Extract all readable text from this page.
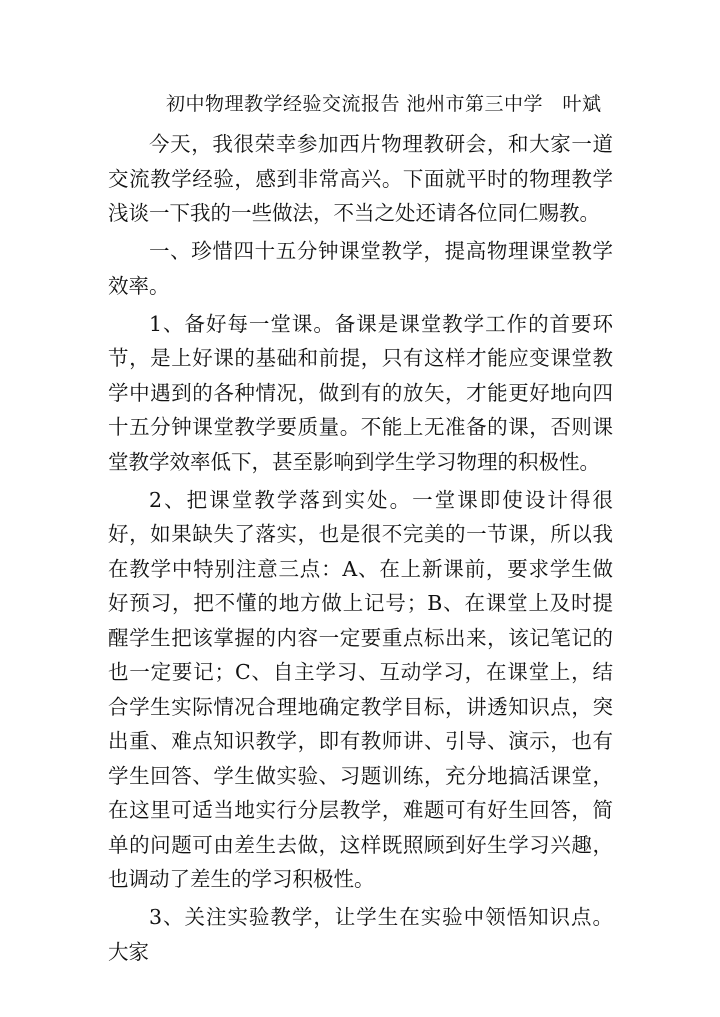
初中物理教学经验交流报告 池州市第三中学　叶斌

今天，我很荣幸参加西片物理教研会，和大家一道交流教学经验，感到非常高兴。下面就平时的物理教学浅谈一下我的一些做法，不当之处还请各位同仁赐教。

一、珍惜四十五分钟课堂教学，提高物理课堂教学效率。

1、备好每一堂课。备课是课堂教学工作的首要环节，是上好课的基础和前提，只有这样才能应变课堂教学中遇到的各种情况，做到有的放矢，才能更好地向四十五分钟课堂教学要质量。不能上无准备的课，否则课堂教学效率低下，甚至影响到学生学习物理的积极性。

2、把课堂教学落到实处。一堂课即使设计得很好，如果缺失了落实，也是很不完美的一节课，所以我在教学中特别注意三点：A、在上新课前，要求学生做好预习，把不懂的地方做上记号；B、在课堂上及时提醒学生把该掌握的内容一定要重点标出来，该记笔记的也一定要记；C、自主学习、互动学习，在课堂上，结合学生实际情况合理地确定教学目标，讲透知识点，突出重、难点知识教学，即有教师讲、引导、演示，也有学生回答、学生做实验、习题训练，充分地搞活课堂，在这里可适当地实行分层教学，难题可有好生回答，简单的问题可由差生去做，这样既照顾到好生学习兴趣，也调动了差生的学习积极性。

3、关注实验教学，让学生在实验中领悟知识点。大家
